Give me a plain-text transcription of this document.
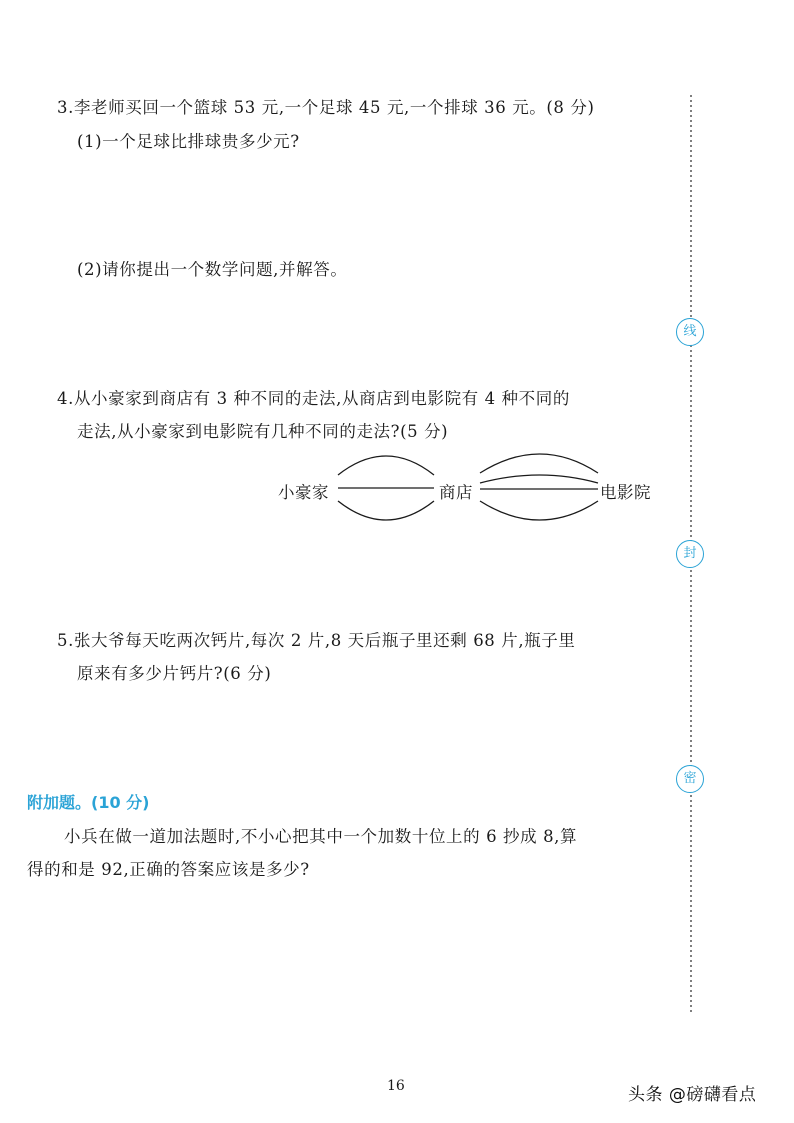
3.李老师买回一个篮球 53 元,一个足球 45 元,一个排球 36 元。(8 分)
(1)一个足球比排球贵多少元?
(2)请你提出一个数学问题,并解答。
4.从小豪家到商店有 3 种不同的走法,从商店到电影院有 4 种不同的
走法,从小豪家到电影院有几种不同的走法?(5 分)
小豪家	商店	电影院
5.张大爷每天吃两次钙片,每次 2 片,8 天后瓶子里还剩 68 片,瓶子里
原来有多少片钙片?(6 分)
附加题。(10 分)
小兵在做一道加法题时,不小心把其中一个加数十位上的 6 抄成 8,算
得的和是 92,正确的答案应该是多少?
线
封
密
16	头条 @磅礴看点
